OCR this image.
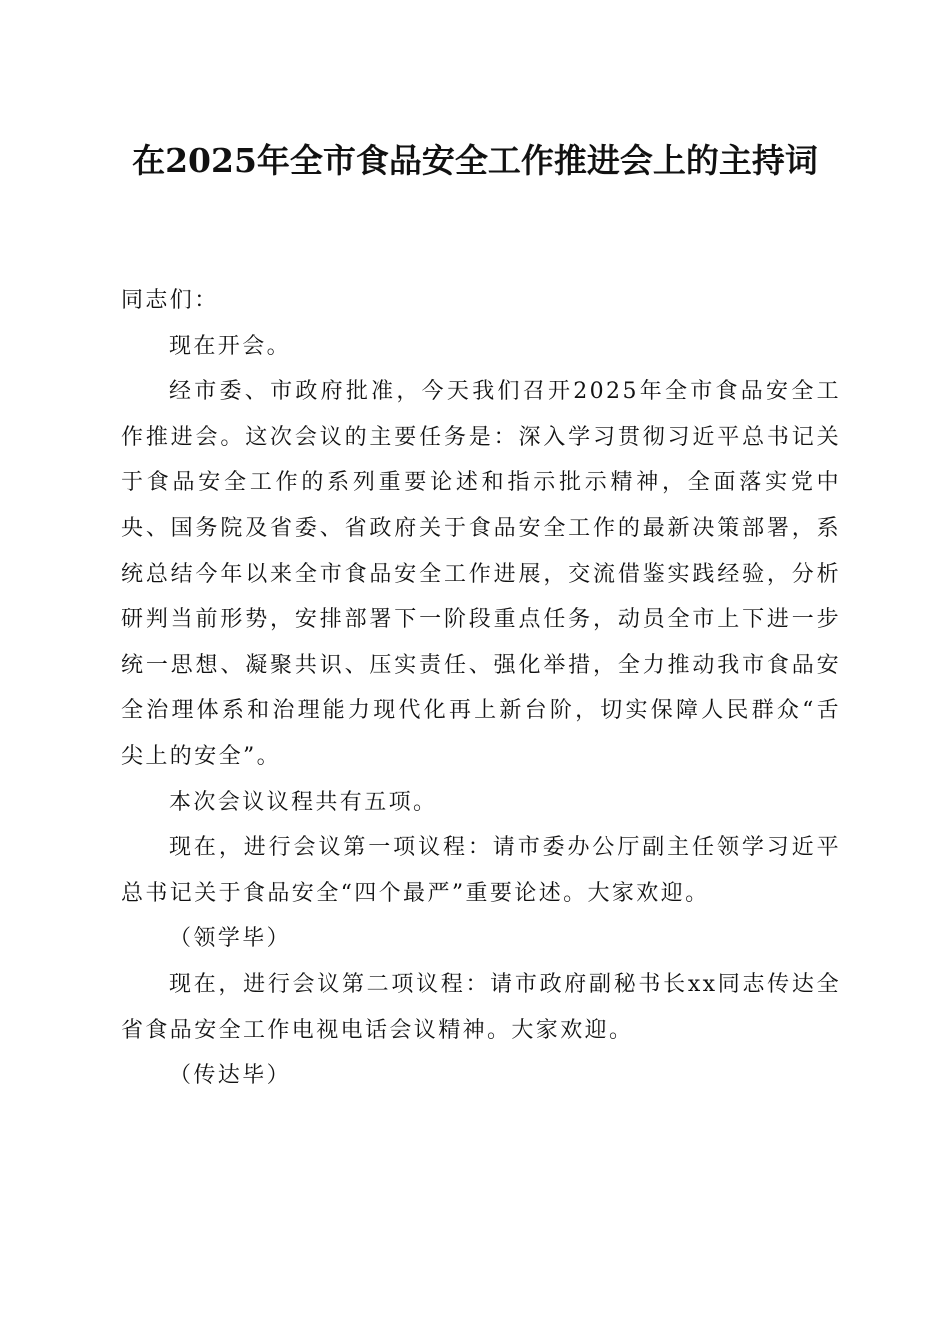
在2025年全市食品安全工作推进会上的主持词

同志们：

现在开会。

经市委、市政府批准，今天我们召开2025年全市食品安全工作推进会。这次会议的主要任务是：深入学习贯彻习近平总书记关于食品安全工作的系列重要论述和指示批示精神，全面落实党中央、国务院及省委、省政府关于食品安全工作的最新决策部署，系统总结今年以来全市食品安全工作进展，交流借鉴实践经验，分析研判当前形势，安排部署下一阶段重点任务，动员全市上下进一步统一思想、凝聚共识、压实责任、强化举措，全力推动我市食品安全治理体系和治理能力现代化再上新台阶，切实保障人民群众“舌尖上的安全”。

本次会议议程共有五项。

现在，进行会议第一项议程：请市委办公厅副主任领学习近平总书记关于食品安全“四个最严”重要论述。大家欢迎。

（领学毕）

现在，进行会议第二项议程：请市政府副秘书长xx同志传达全省食品安全工作电视电话会议精神。大家欢迎。

（传达毕）
